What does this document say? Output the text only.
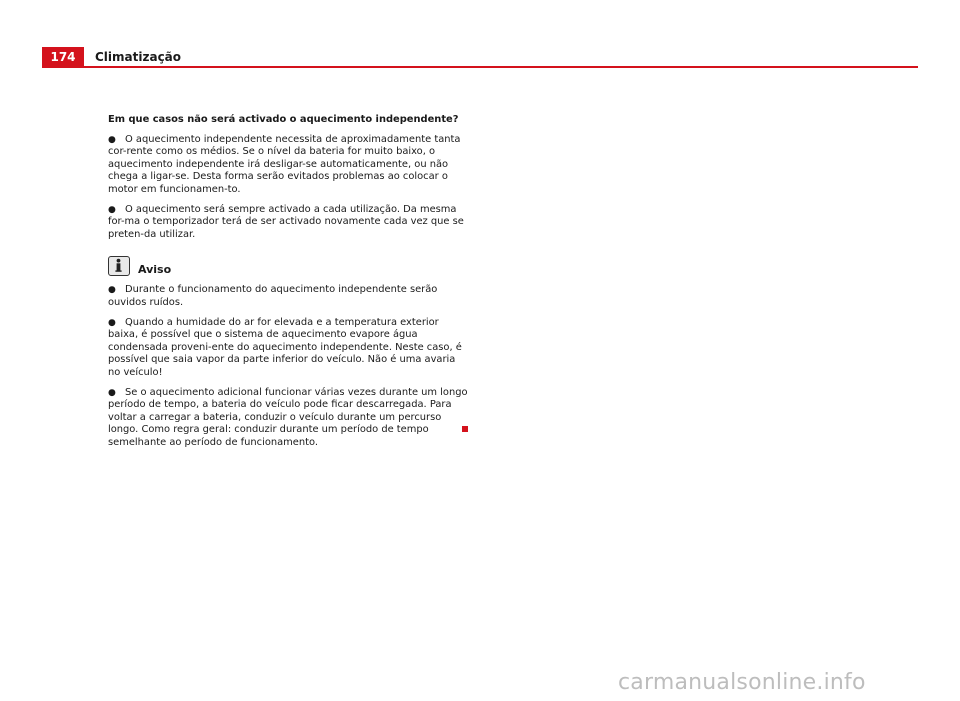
174	Climatização

Em que casos não será activado o aquecimento independente?

● O aquecimento independente necessita de aproximadamente tanta cor-rente como os médios. Se o nível da bateria for muito baixo, o aquecimento independente irá desligar-se automaticamente, ou não chega a ligar-se. Desta forma serão evitados problemas ao colocar o motor em funcionamen-to.

● O aquecimento será sempre activado a cada utilização. Da mesma for-ma o temporizador terá de ser activado novamente cada vez que se preten-da utilizar.

Aviso

● Durante o funcionamento do aquecimento independente serão ouvidos ruídos.

● Quando a humidade do ar for elevada e a temperatura exterior baixa, é possível que o sistema de aquecimento evapore água condensada proveni-ente do aquecimento independente. Neste caso, é possível que saia vapor da parte inferior do veículo. Não é uma avaria no veículo!

● Se o aquecimento adicional funcionar várias vezes durante um longo período de tempo, a bateria do veículo pode ficar descarregada. Para voltar a carregar a bateria, conduzir o veículo durante um percurso longo. Como regra geral: conduzir durante um período de tempo semelhante ao período de funcionamento.

carmanualsonline.info
